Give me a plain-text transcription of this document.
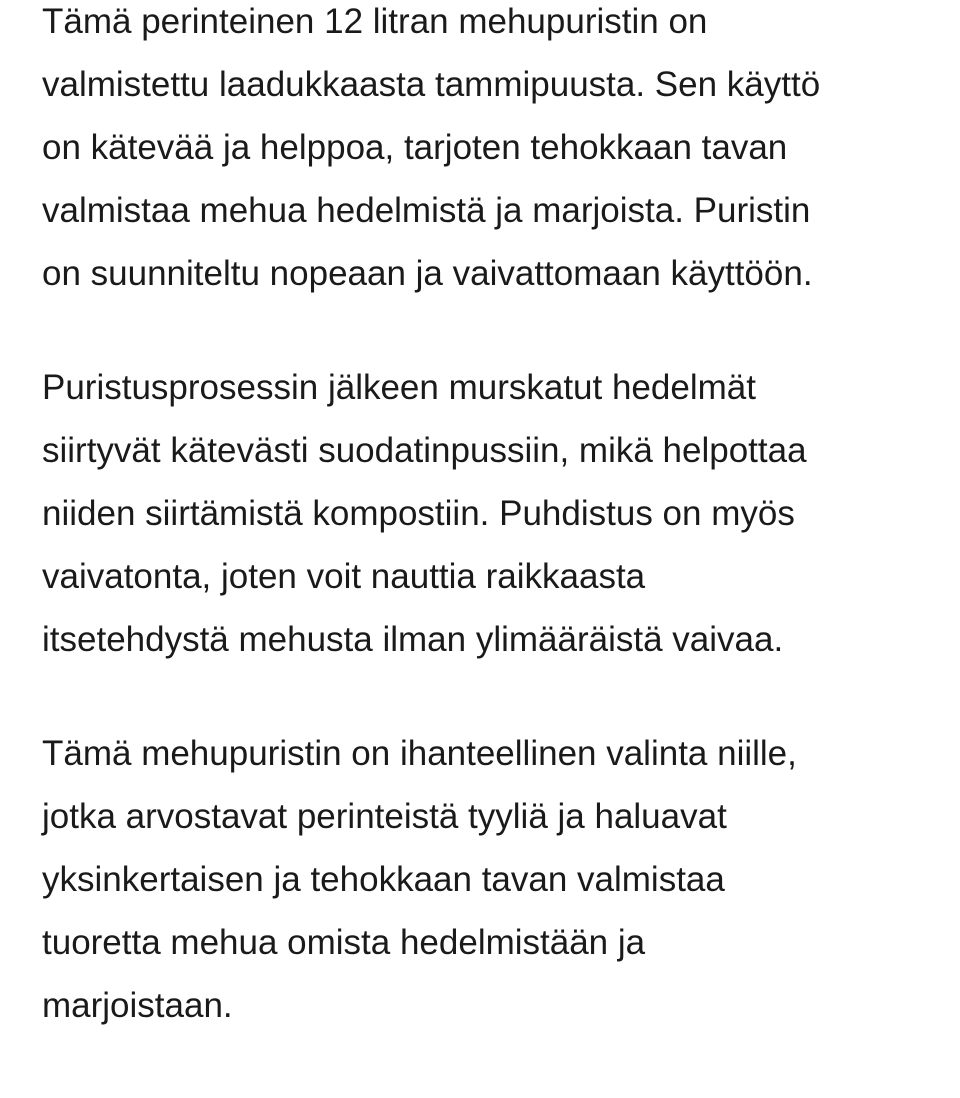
Tämä perinteinen 12 litran mehupuristin on
valmistettu laadukkaasta tammipuusta. Sen käyttö
on kätevää ja helppoa, tarjoten tehokkaan tavan
valmistaa mehua hedelmistä ja marjoista. Puristin
on suunniteltu nopeaan ja vaivattomaan käyttöön.

Puristusprosessin jälkeen murskatut hedelmät
siirtyvät kätevästi suodatinpussiin, mikä helpottaa
niiden siirtämistä kompostiin. Puhdistus on myös
vaivatonta, joten voit nauttia raikkaasta
itsetehdystä mehusta ilman ylimääräistä vaivaa.

Tämä mehupuristin on ihanteellinen valinta niille,
jotka arvostavat perinteistä tyyliä ja haluavat
yksinkertaisen ja tehokkaan tavan valmistaa
tuoretta mehua omista hedelmistään ja
marjoistaan.
